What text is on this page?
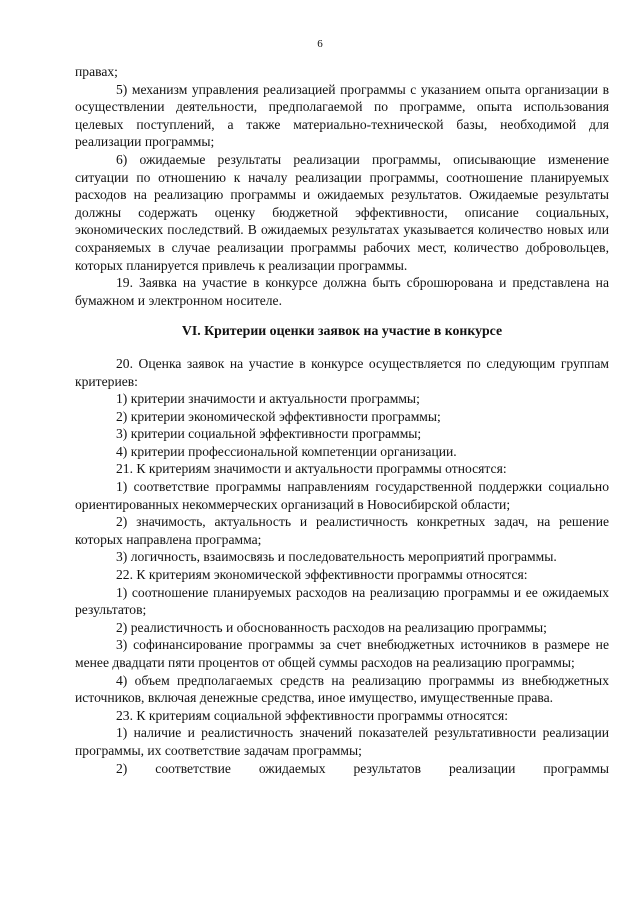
6

правах;

5) механизм управления реализацией программы с указанием опыта организации в осуществлении деятельности, предполагаемой по программе, опыта использования целевых поступлений, а также материально-технической базы, необходимой для реализации программы;

6) ожидаемые результаты реализации программы, описывающие изменение ситуации по отношению к началу реализации программы, соотношение планируемых расходов на реализацию программы и ожидаемых результатов. Ожидаемые результаты должны содержать оценку бюджетной эффективности, описание социальных, экономических последствий. В ожидаемых результатах указывается количество новых или сохраняемых в случае реализации программы рабочих мест, количество добровольцев, которых планируется привлечь к реализации программы.

19. Заявка на участие в конкурсе должна быть сброшюрована и представлена на бумажном и электронном носителе.

VI. Критерии оценки заявок на участие в конкурсе

20. Оценка заявок на участие в конкурсе осуществляется по следующим группам критериев:

1) критерии значимости и актуальности программы;

2) критерии экономической эффективности программы;

3) критерии социальной эффективности программы;

4) критерии профессиональной компетенции организации.

21. К критериям значимости и актуальности программы относятся:

1) соответствие программы направлениям государственной поддержки социально ориентированных некоммерческих организаций в Новосибирской области;

2) значимость, актуальность и реалистичность конкретных задач, на решение которых направлена программа;

3) логичность, взаимосвязь и последовательность мероприятий программы.

22. К критериям экономической эффективности программы относятся:

1) соотношение планируемых расходов на реализацию программы и ее ожидаемых результатов;

2) реалистичность и обоснованность расходов на реализацию программы;

3) софинансирование программы за счет внебюджетных источников в размере не менее двадцати пяти процентов от общей суммы расходов на реализацию программы;

4) объем предполагаемых средств на реализацию программы из внебюджетных источников, включая денежные средства, иное имущество, имущественные права.

23. К критериям социальной эффективности программы относятся:

1) наличие и реалистичность значений показателей результативности реализации программы, их соответствие задачам программы;

2) соответствие ожидаемых результатов реализации программы
